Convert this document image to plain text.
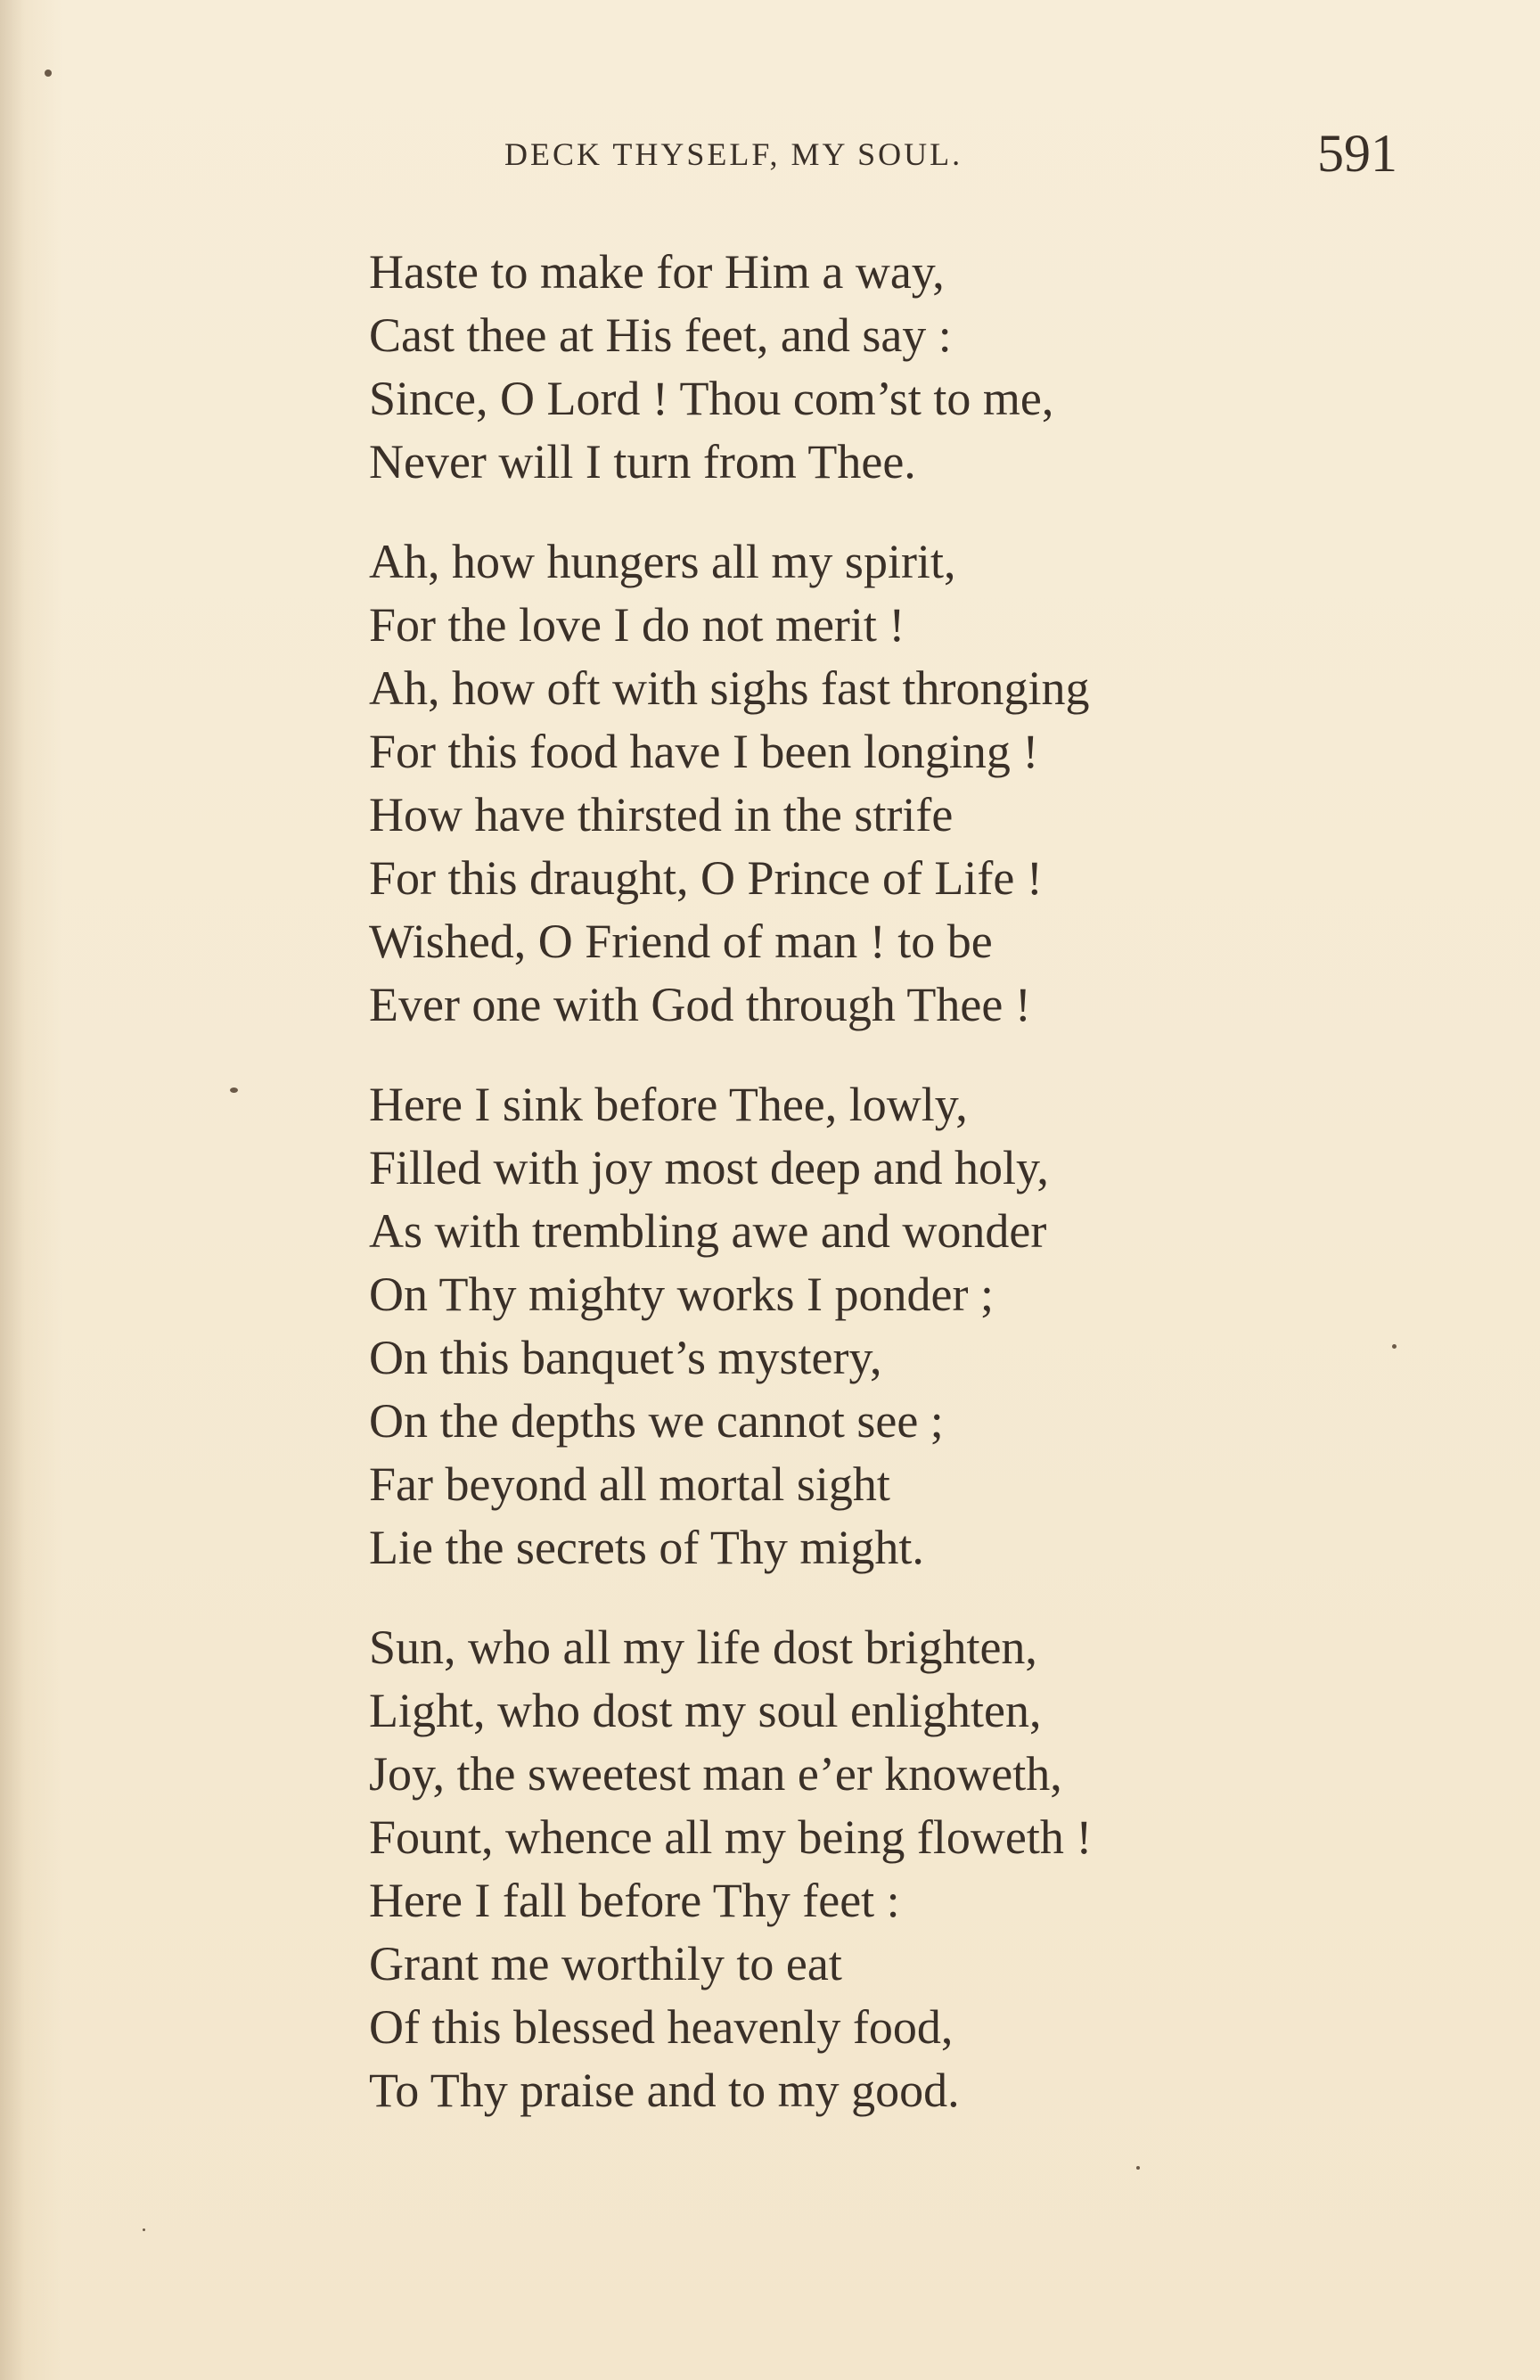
DECK THYSELF, MY SOUL.	591
Haste to make for Him a way,
Cast thee at His feet, and say :
Since, O Lord ! Thou com’st to me,
Never will I turn from Thee.
Ah, how hungers all my spirit,
For the love I do not merit !
Ah, how oft with sighs fast thronging
For this food have I been longing !
How have thirsted in the strife
For this draught, O Prince of Life !
Wished, O Friend of man ! to be
Ever one with God through Thee !
Here I sink before Thee, lowly,
Filled with joy most deep and holy,
As with trembling awe and wonder
On Thy mighty works I ponder ;
On this banquet’s mystery,
On the depths we cannot see ;
Far beyond all mortal sight
Lie the secrets of Thy might.
Sun, who all my life dost brighten,
Light, who dost my soul enlighten,
Joy, the sweetest man e’er knoweth,
Fount, whence all my being floweth !
Here I fall before Thy feet :
Grant me worthily to eat
Of this blessed heavenly food,
To Thy praise and to my good.
